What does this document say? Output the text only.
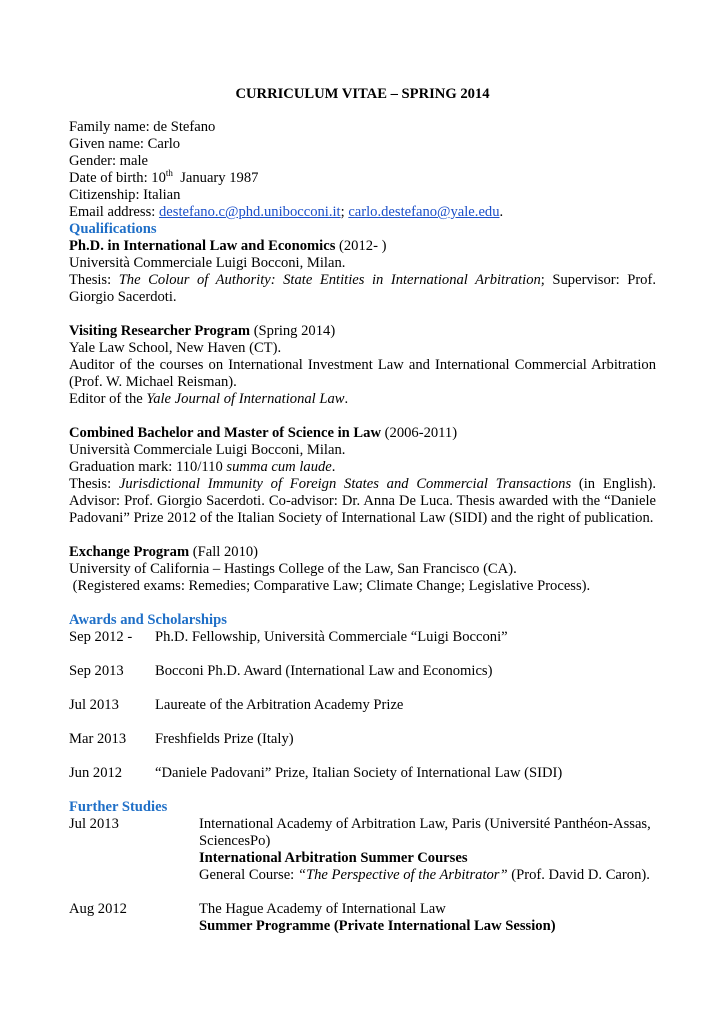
CURRICULUM VITAE – SPRING 2014
Family name: de Stefano
Given name: Carlo
Gender: male
Date of birth: 10th  January 1987
Citizenship: Italian
Email address: destefano.c@phd.unibocconi.it; carlo.destefano@yale.edu.
Qualifications
Ph.D. in International Law and Economics (2012- )
Università Commerciale Luigi Bocconi, Milan.
Thesis: The Colour of Authority: State Entities in International Arbitration; Supervisor: Prof. Giorgio Sacerdoti.
Visiting Researcher Program (Spring 2014)
Yale Law School, New Haven (CT).
Auditor of the courses on International Investment Law and International Commercial Arbitration (Prof. W. Michael Reisman).
Editor of the Yale Journal of International Law.
Combined Bachelor and Master of Science in Law (2006-2011)
Università Commerciale Luigi Bocconi, Milan.
Graduation mark: 110/110 summa cum laude.
Thesis: Jurisdictional Immunity of Foreign States and Commercial Transactions (in English). Advisor: Prof. Giorgio Sacerdoti. Co-advisor: Dr. Anna De Luca. Thesis awarded with the “Daniele Padovani” Prize 2012 of the Italian Society of International Law (SIDI) and the right of publication.
Exchange Program (Fall 2010)
University of California – Hastings College of the Law, San Francisco (CA).
(Registered exams: Remedies; Comparative Law; Climate Change; Legislative Process).
Awards and Scholarships
Sep 2012 -	Ph.D. Fellowship, Università Commerciale “Luigi Bocconi”
Sep 2013	Bocconi Ph.D. Award (International Law and Economics)
Jul 2013	Laureate of the Arbitration Academy Prize
Mar 2013	Freshfields Prize (Italy)
Jun 2012	“Daniele Padovani” Prize, Italian Society of International Law (SIDI)
Further Studies
Jul 2013	International Academy of Arbitration Law, Paris (Université Panthéon-Assas, SciencesPo)
International Arbitration Summer Courses
General Course: “The Perspective of the Arbitrator” (Prof. David D. Caron).
Aug 2012	The Hague Academy of International Law
Summer Programme (Private International Law Session)
